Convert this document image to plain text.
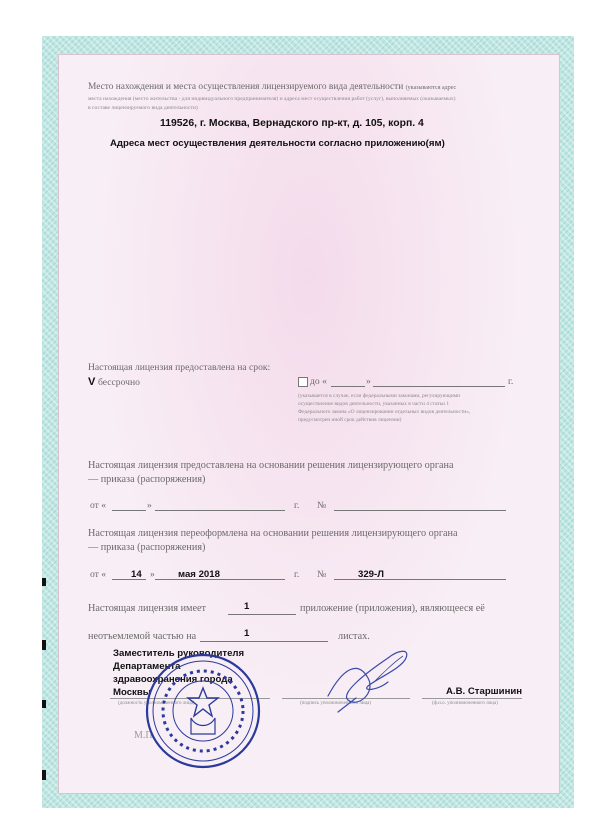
Место нахождения и места осуществления лицензируемого вида деятельности (указываются адрес
места нахождения (место жительства - для индивидуального предпринимателя) и адреса мест осуществления работ (услуг), выполняемых (оказываемых)
в составе лицензируемого вида деятельности)
119526, г. Москва, Вернадского пр-кт, д. 105, корп. 4
Адреса мест осуществления деятельности согласно приложению(ям)
Настоящая лицензия предоставлена на срок:
V бессрочно	до «	»	г.
(указывается в случае, если федеральными законами, регулирующими осуществление видов деятельности, указанных в части 4 статьи 1 Федерального закона «О лицензировании отдельных видов деятельности», предусмотрен иной срок действия лицензии)
Настоящая лицензия предоставлена на основании решения лицензирующего органа
— приказа (распоряжения)
от «	»	г. №
Настоящая лицензия переоформлена на основании решения лицензирующего органа
— приказа (распоряжения)
от «	14 » мая 2018	г. №	329-Л
Настоящая лицензия имеет	1	приложение (приложения), являющееся её
неотъемлемой частью на	1	листах.
Заместитель руководителя
Департамента
здравоохранения города
Москвы
(должность уполномоченного лица)	(подпись уполномоченного лица)
А.В. Старшинин
(ф.и.о. уполномоченного лица)
М.П.
